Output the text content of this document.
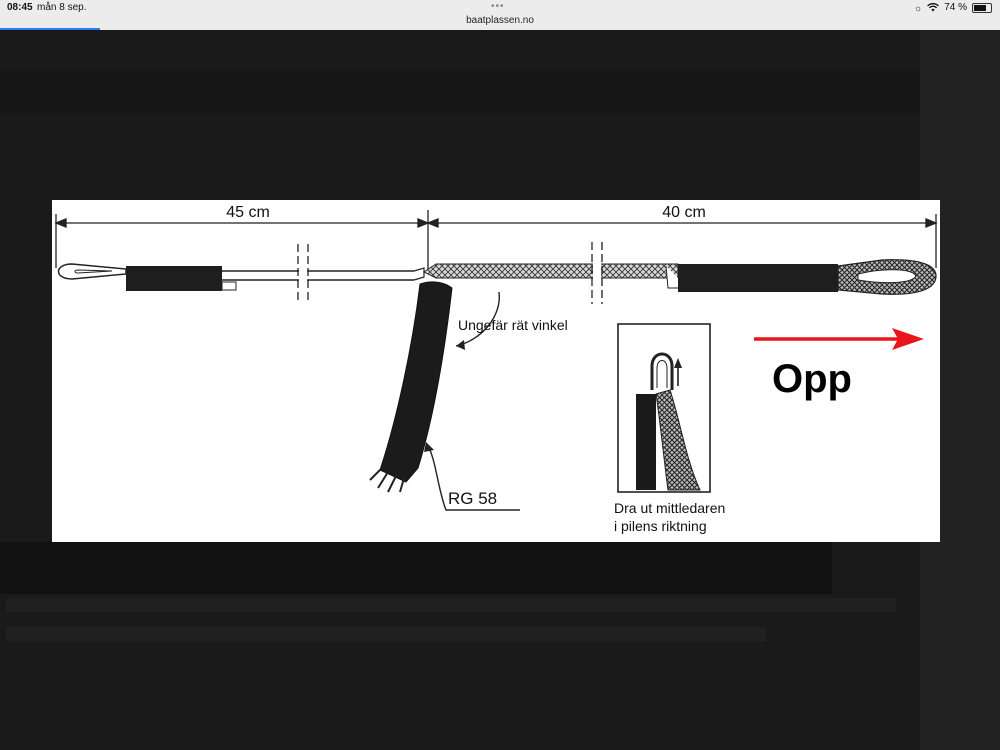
08:45 mån 8 sep.	•••
baatplassen.no
☼ 74 %
45 cm	40 cm
Ungefär rät vinkel
RG 58	Dra ut mittledaren
i pilens riktning
Opp
